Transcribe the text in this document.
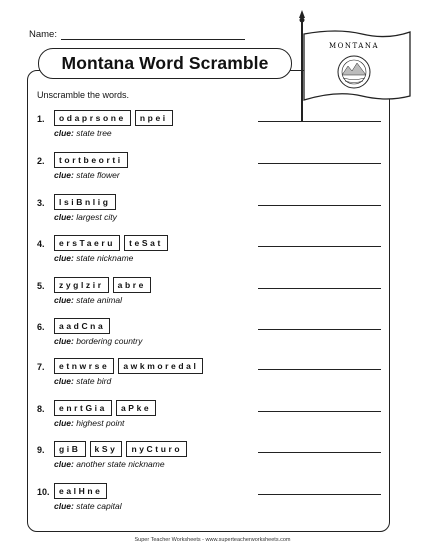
Name:
Montana Word Scramble
MONTANA
Unscramble the words.
1.	odaprsone	npei
clue: state tree
2.	tortbeorti
clue: state flower
3.	lsiBnlig
clue: largest city
4.	ersTaeru	teSat
clue: state nickname
5.	zyglzir	abre
clue: state animal
6.	aadCna
clue: bordering country
7.	etnwrse	awkmoredal
clue: state bird
8.	enrtGia	aPke
clue: highest point
9.	giB	kSy	nyCturo
clue: another state nickname
10.	ealHne
clue: state capital
Super Teacher Worksheets - www.superteacherworksheets.com
